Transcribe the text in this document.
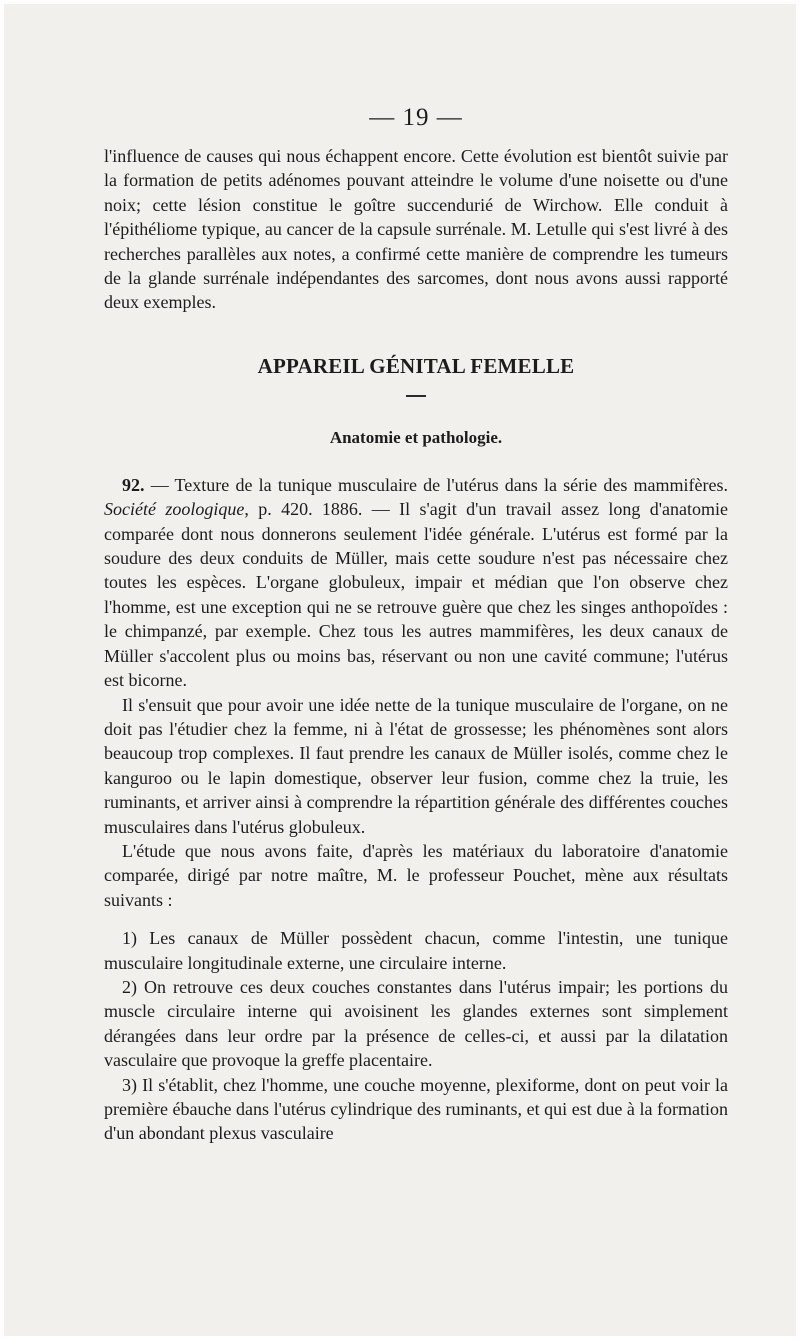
— 19 —

l'influence de causes qui nous échappent encore. Cette évolution est bientôt suivie par la formation de petits adénomes pouvant atteindre le volume d'une noisette ou d'une noix; cette lésion constitue le goître succendurié de Wirchow. Elle conduit à l'épithéliome typique, au cancer de la capsule surrénale. M. Letulle qui s'est livré à des recherches parallèles aux notes, a confirmé cette manière de comprendre les tumeurs de la glande surrénale indépendantes des sarcomes, dont nous avons aussi rapporté deux exemples.

APPAREIL GÉNITAL FEMELLE
Anatomie et pathologie.

92. — Texture de la tunique musculaire de l'utérus dans la série des mammifères. Société zoologique, p. 420. 1886. — Il s'agit d'un travail assez long d'anatomie comparée dont nous donnerons seulement l'idée générale. L'utérus est formé par la soudure des deux conduits de Müller, mais cette soudure n'est pas nécessaire chez toutes les espèces. L'organe globuleux, impair et médian que l'on observe chez l'homme, est une exception qui ne se retrouve guère que chez les singes anthopoïdes : le chimpanzé, par exemple. Chez tous les autres mammifères, les deux canaux de Müller s'accolent plus ou moins bas, réservant ou non une cavité commune; l'utérus est bicorne.

Il s'ensuit que pour avoir une idée nette de la tunique musculaire de l'organe, on ne doit pas l'étudier chez la femme, ni à l'état de grossesse; les phénomènes sont alors beaucoup trop complexes. Il faut prendre les canaux de Müller isolés, comme chez le kanguroo ou le lapin domestique, observer leur fusion, comme chez la truie, les ruminants, et arriver ainsi à comprendre la répartition générale des différentes couches musculaires dans l'utérus globuleux.

L'étude que nous avons faite, d'après les matériaux du laboratoire d'anatomie comparée, dirigé par notre maître, M. le professeur Pouchet, mène aux résultats suivants :

1) Les canaux de Müller possèdent chacun, comme l'intestin, une tunique musculaire longitudinale externe, une circulaire interne.

2) On retrouve ces deux couches constantes dans l'utérus impair; les portions du muscle circulaire interne qui avoisinent les glandes externes sont simplement dérangées dans leur ordre par la présence de celles-ci, et aussi par la dilatation vasculaire que provoque la greffe placentaire.

3) Il s'établit, chez l'homme, une couche moyenne, plexiforme, dont on peut voir la première ébauche dans l'utérus cylindrique des ruminants, et qui est due à la formation d'un abondant plexus vasculaire
